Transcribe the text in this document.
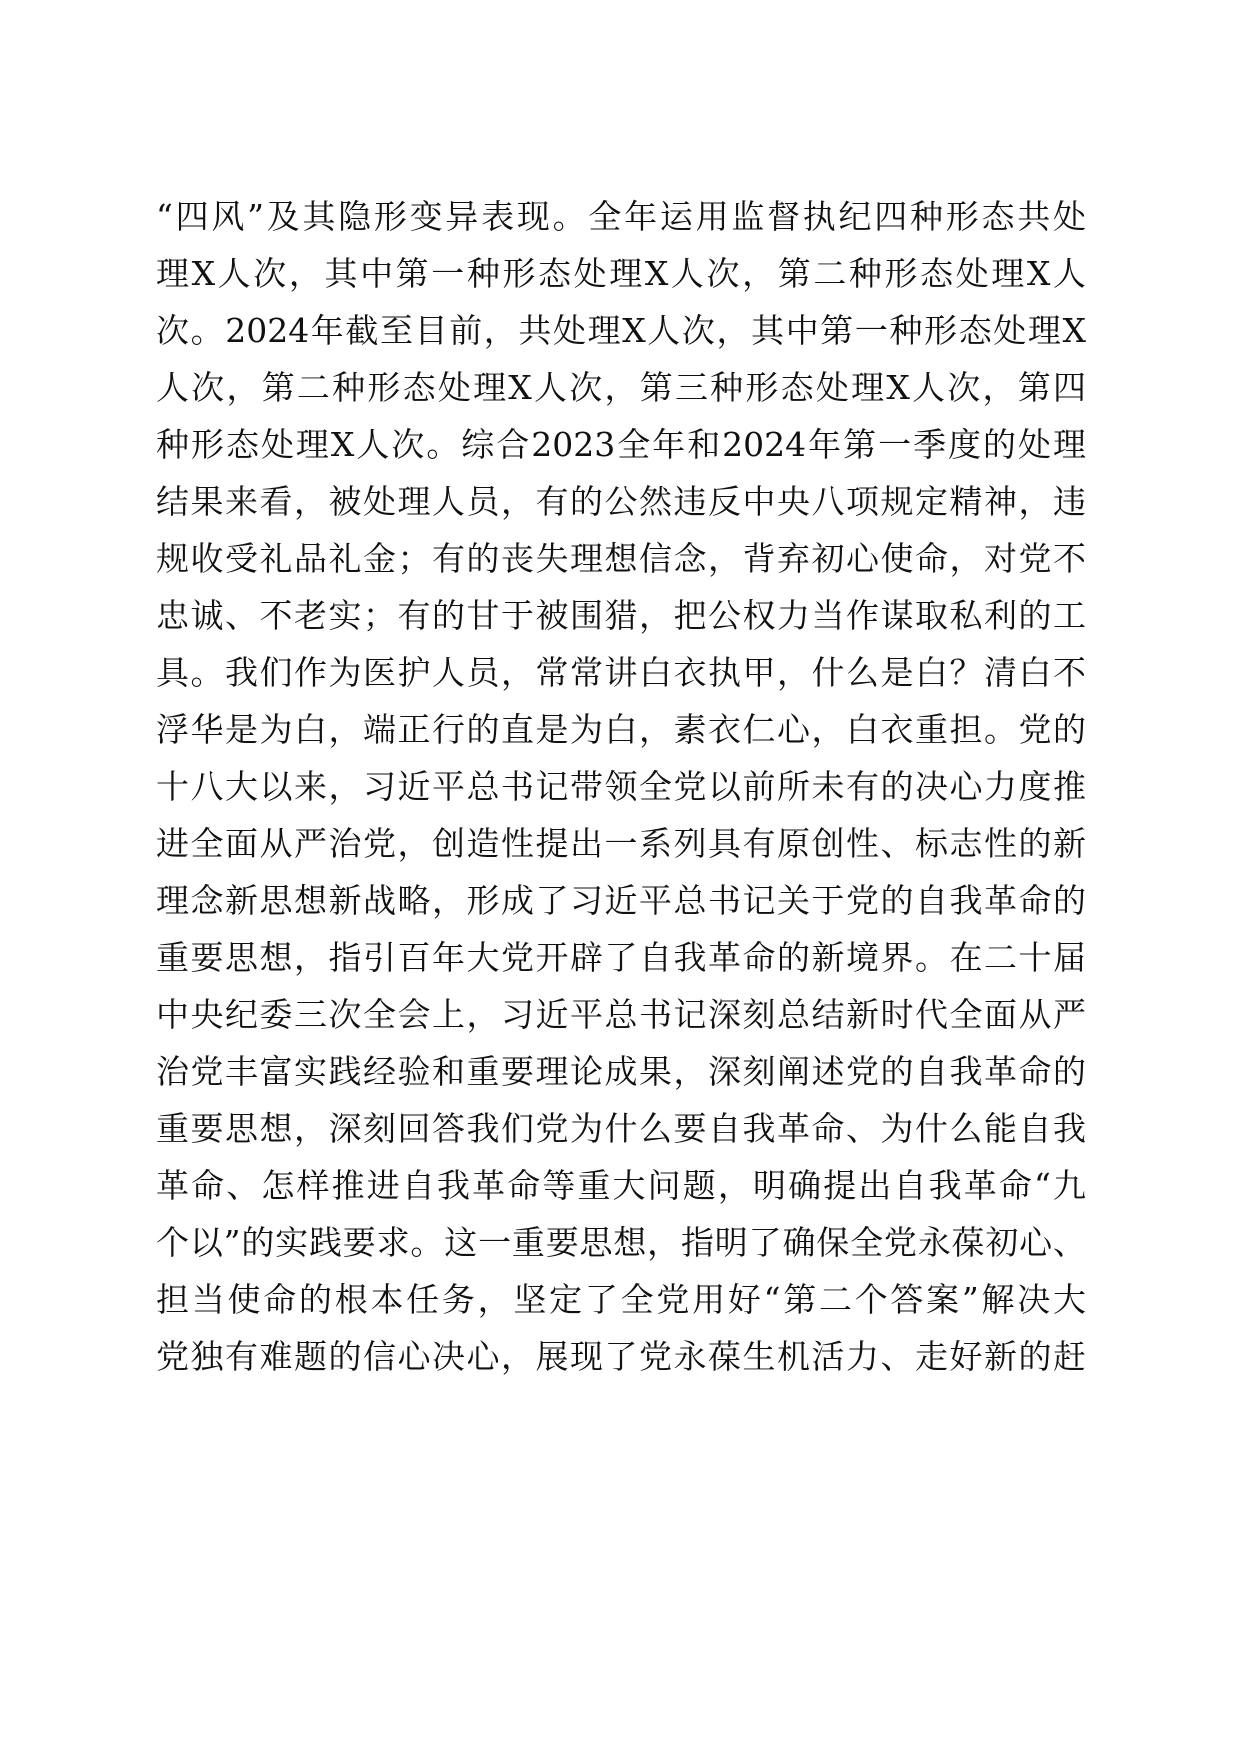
“四风”及其隐形变异表现。全年运用监督执纪四种形态共处
理X人次，其中第一种形态处理X人次，第二种形态处理X人
次。2024年截至目前，共处理X人次，其中第一种形态处理X
人次，第二种形态处理X人次，第三种形态处理X人次，第四
种形态处理X人次。综合2023全年和2024年第一季度的处理
结果来看，被处理人员，有的公然违反中央八项规定精神，违
规收受礼品礼金；有的丧失理想信念，背弃初心使命，对党不
忠诚、不老实；有的甘于被围猎，把公权力当作谋取私利的工
具。我们作为医护人员，常常讲白衣执甲，什么是白？清白不
浮华是为白，端正行的直是为白，素衣仁心，白衣重担。党的
十八大以来，习近平总书记带领全党以前所未有的决心力度推
进全面从严治党，创造性提出一系列具有原创性、标志性的新
理念新思想新战略，形成了习近平总书记关于党的自我革命的
重要思想，指引百年大党开辟了自我革命的新境界。在二十届
中央纪委三次全会上，习近平总书记深刻总结新时代全面从严
治党丰富实践经验和重要理论成果，深刻阐述党的自我革命的
重要思想，深刻回答我们党为什么要自我革命、为什么能自我
革命、怎样推进自我革命等重大问题，明确提出自我革命“九
个以”的实践要求。这一重要思想，指明了确保全党永葆初心、
担当使命的根本任务，坚定了全党用好“第二个答案”解决大
党独有难题的信心决心，展现了党永葆生机活力、走好新的赶
